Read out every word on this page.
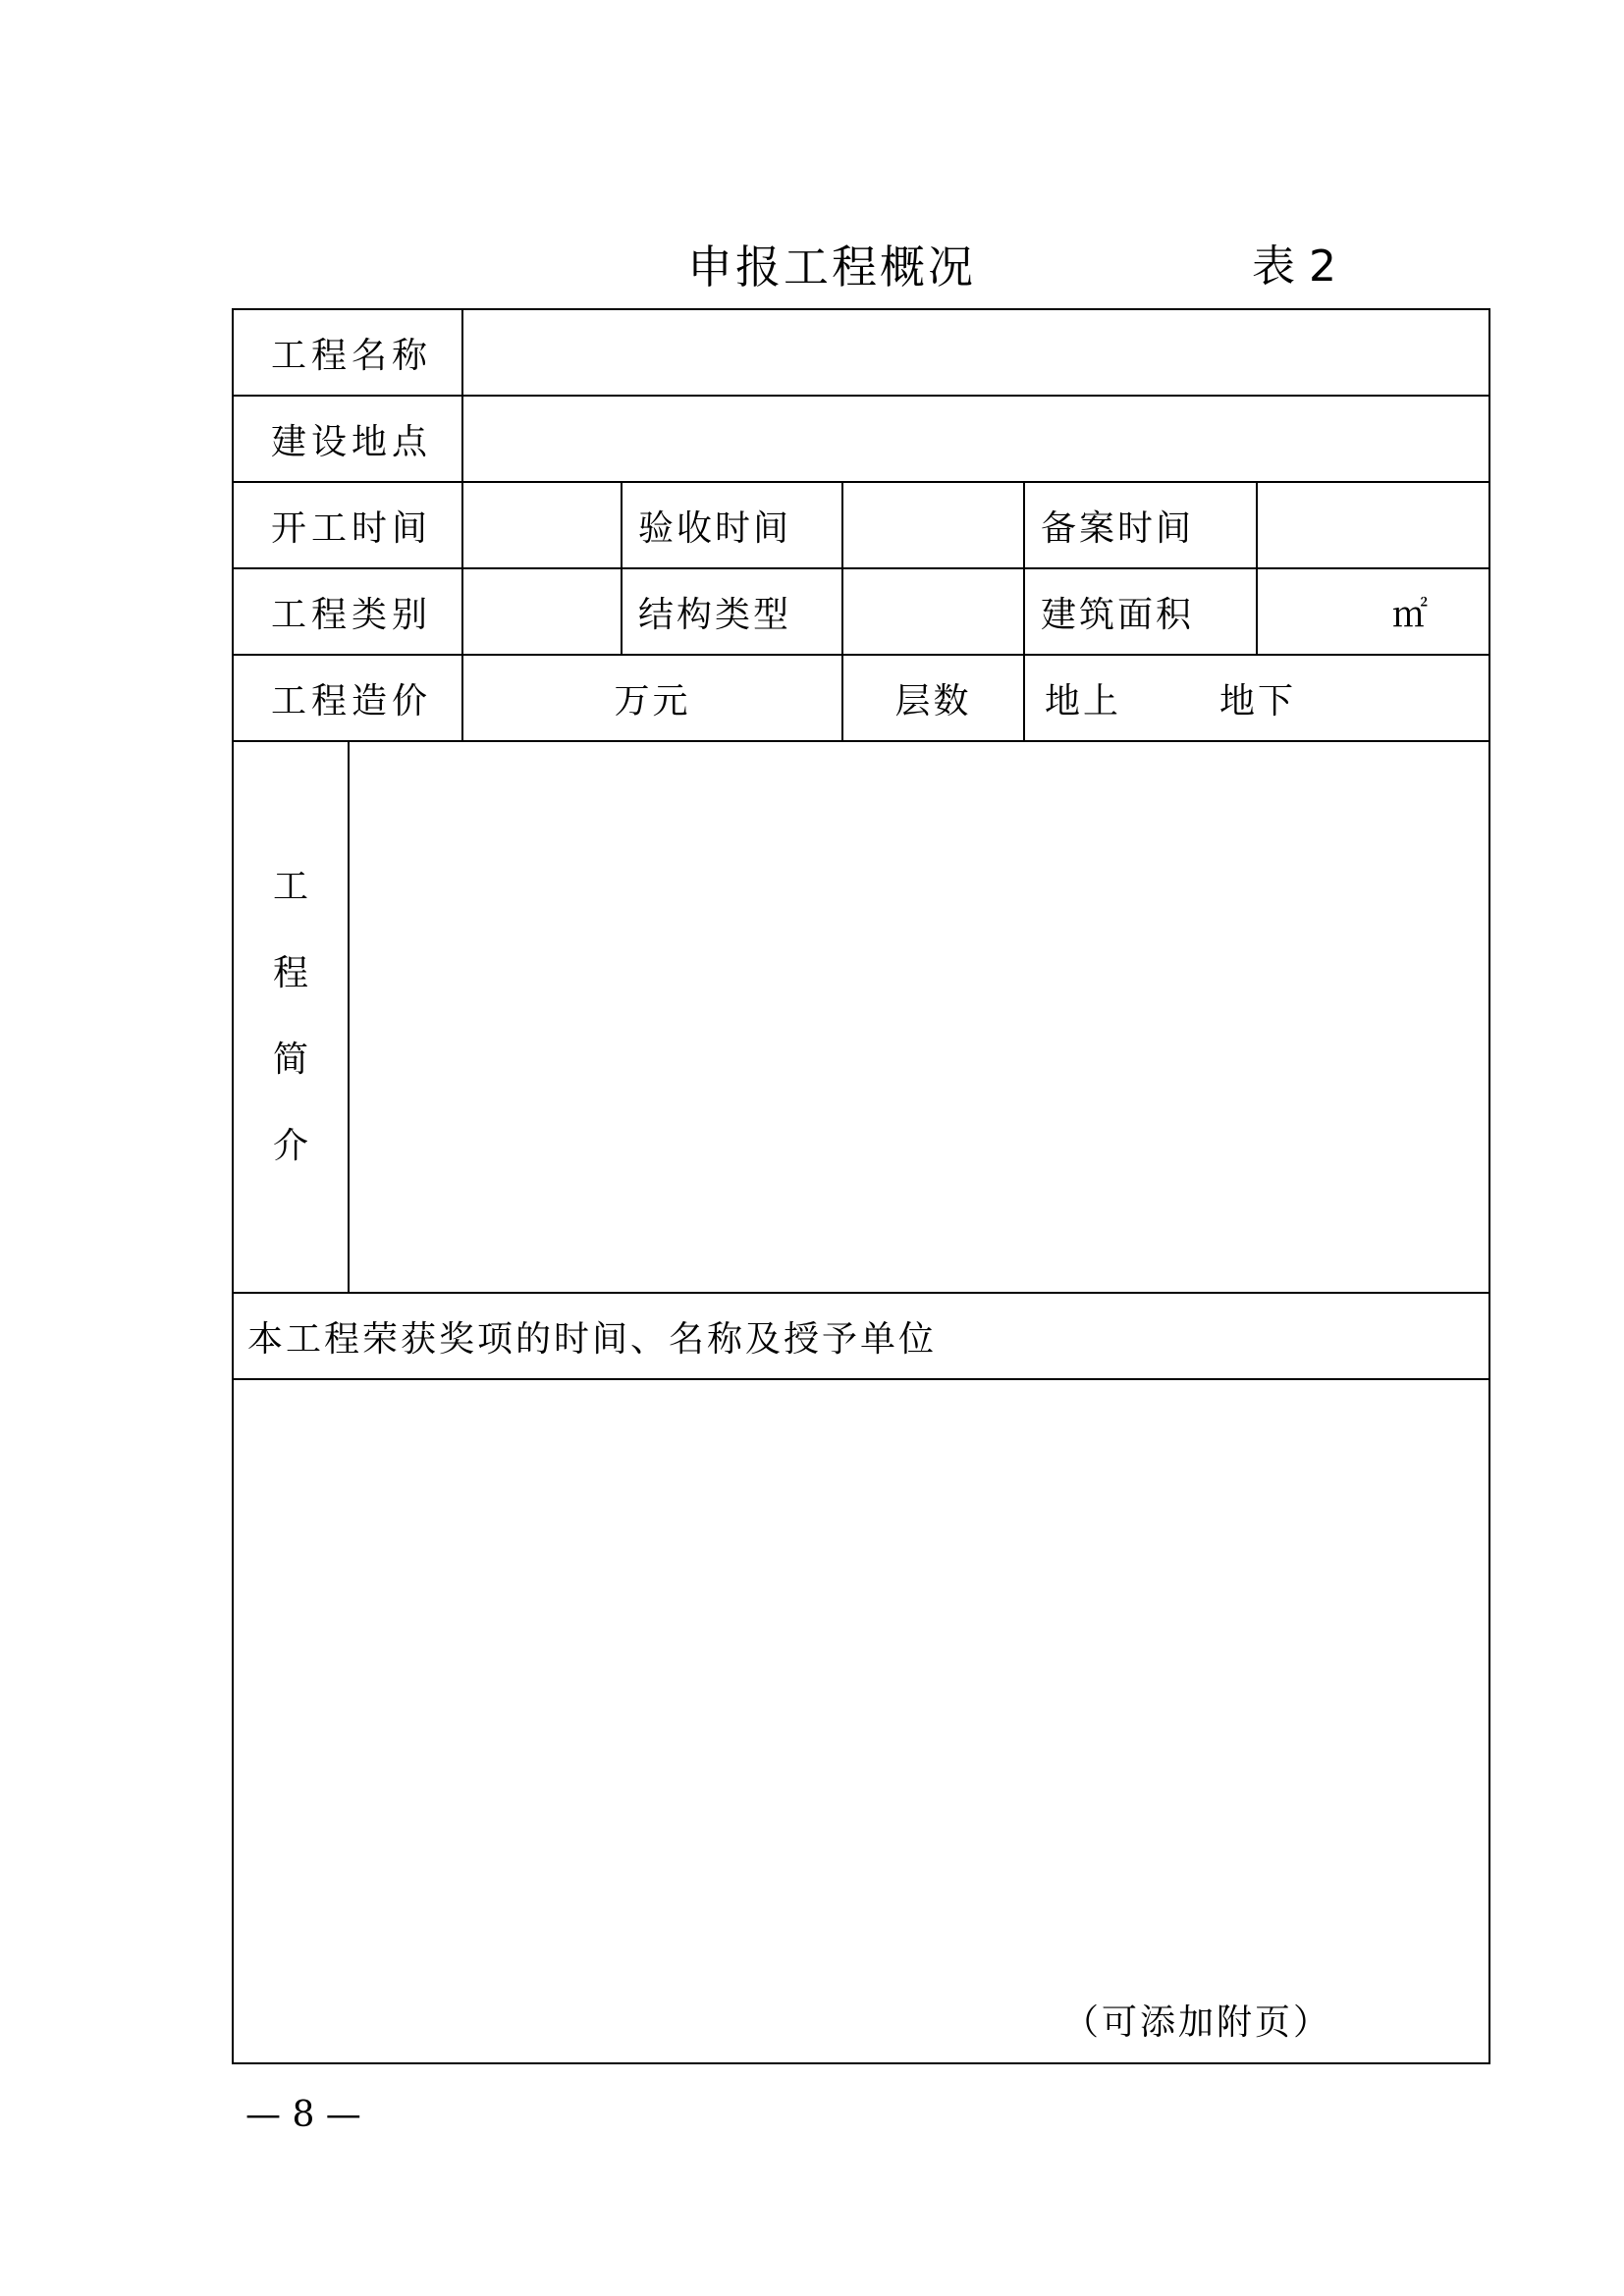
申报工程概况	表 2
工程名称						
建设地点						
开工时间			验收时间		备案时间	
工程类别			结构类型		建筑面积	㎡
工程造价		万元		层数	地上 地下	

工
程
简
介						

本工程荣获奖项的时间、名称及授予单位						
（可添加附页）						
— 8 —
